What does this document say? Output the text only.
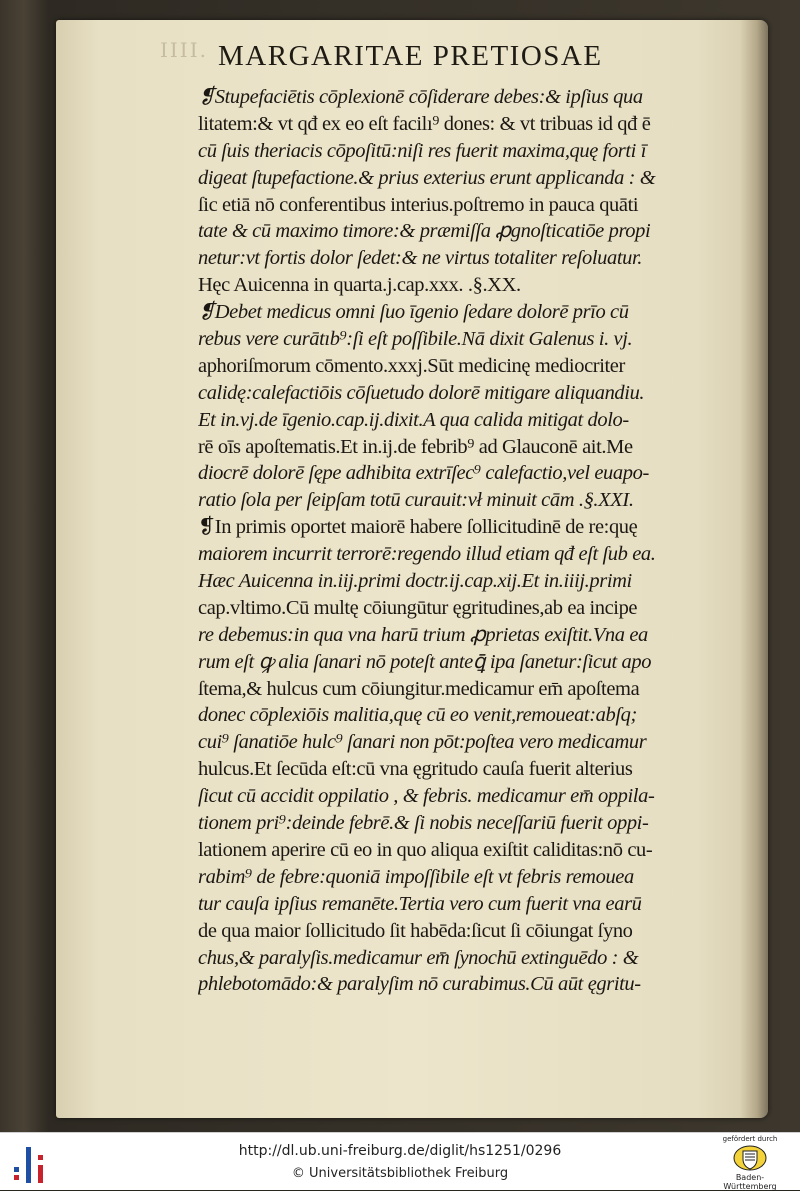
IIII. MARGARITAE PRETIOSAE
❡Stupefaciētis cōplexionē cōſiderare debes:& ipſius qua
litatem:& vt qđ ex eo eſt facilı⁹ dones: & vt tribuas id qđ ē
cū ſuis theriacis cōpoſitū:niſi res fuerit maxima,quę forti ī
digeat ſtupefactione.& prius exterius erunt applicanda : &
ſic etiā nō conferentibus interius.poſtremo in pauca quāti
tate & cū maximo timore:& præmiſſa ꝓgnoſticatiōe propi
netur:vt fortis dolor ſedet:& ne virtus totaliter reſoluatur.
Hęc Auicenna in quarta.j.cap.xxx. .§.XX.
❡Debet medicus omni ſuo īgenio ſedare dolorē prīo cū
rebus vere curātıb⁹:ſi eſt poſſibile.Nā dixit Galenus i. vj.
aphoriſmorum cōmento.xxxj.Sūt medicinę mediocriter
calidę:calefactiōis cōſuetudo dolorē mitigare aliquandiu.
Et in.vj.de īgenio.cap.ij.dixit.A qua calida mitigat dolo-
rē oīs apoſtematis.Et in.ij.de febrib⁹ ad Glauconē ait.Me
diocrē dolorē ſępe adhibita extrīſec⁹ calefactio,vel euapo-
ratio ſola per ſeipſam totū curauit:vł minuit cām .§.XXI.
❡In primis oportet maiorē habere ſollicitudinē de re:quę
maiorem incurrit terrorē:regendo illud etiam qđ eſt ſub ea.
Hæc Auicenna in.iij.primi doctr.ij.cap.xij.Et in.iiij.primi
cap.vltimo.Cū multę cōiungūtur ęgritudines,ab ea incipe
re debemus:in qua vna harū trium ꝓprietas exiſtit.Vna ea
rum eſt ꝙ alia ſanari nō poteſt anteꝗ̄ ipa ſanetur:ſicut apo
ſtema,& hulcus cum cōiungitur.medicamur em̄ apoſtema
donec cōplexiōis malitia,quę cū eo venit,remoueat:abſq;
cui⁹ ſanatiōe hulc⁹ ſanari non pōt:poſtea vero medicamur
hulcus.Et ſecūda eſt:cū vna ęgritudo cauſa fuerit alterius
ſicut cū accidit oppilatio , & febris. medicamur em̄ oppila-
tionem pri⁹:deinde febrē.& ſi nobis neceſſariū fuerit oppi-
lationem aperire cū eo in quo aliqua exiſtit caliditas:nō cu-
rabim⁹ de febre:quoniā impoſſibile eſt vt febris remouea
tur cauſa ipſius remanēte.Tertia vero cum fuerit vna earū
de qua maior ſollicitudo ſit habēda:ſicut ſi cōiungat ſyno
chus,& paralyſis.medicamur em̄ ſynochū extinguēdo : &
phlebotomādo:& paralyſim nō curabimus.Cū aūt ęgritu-
http://dl.ub.uni-freiburg.de/diglit/hs1251/0296
© Universitätsbibliothek Freiburg
gefördert durch
Baden-Württemberg
